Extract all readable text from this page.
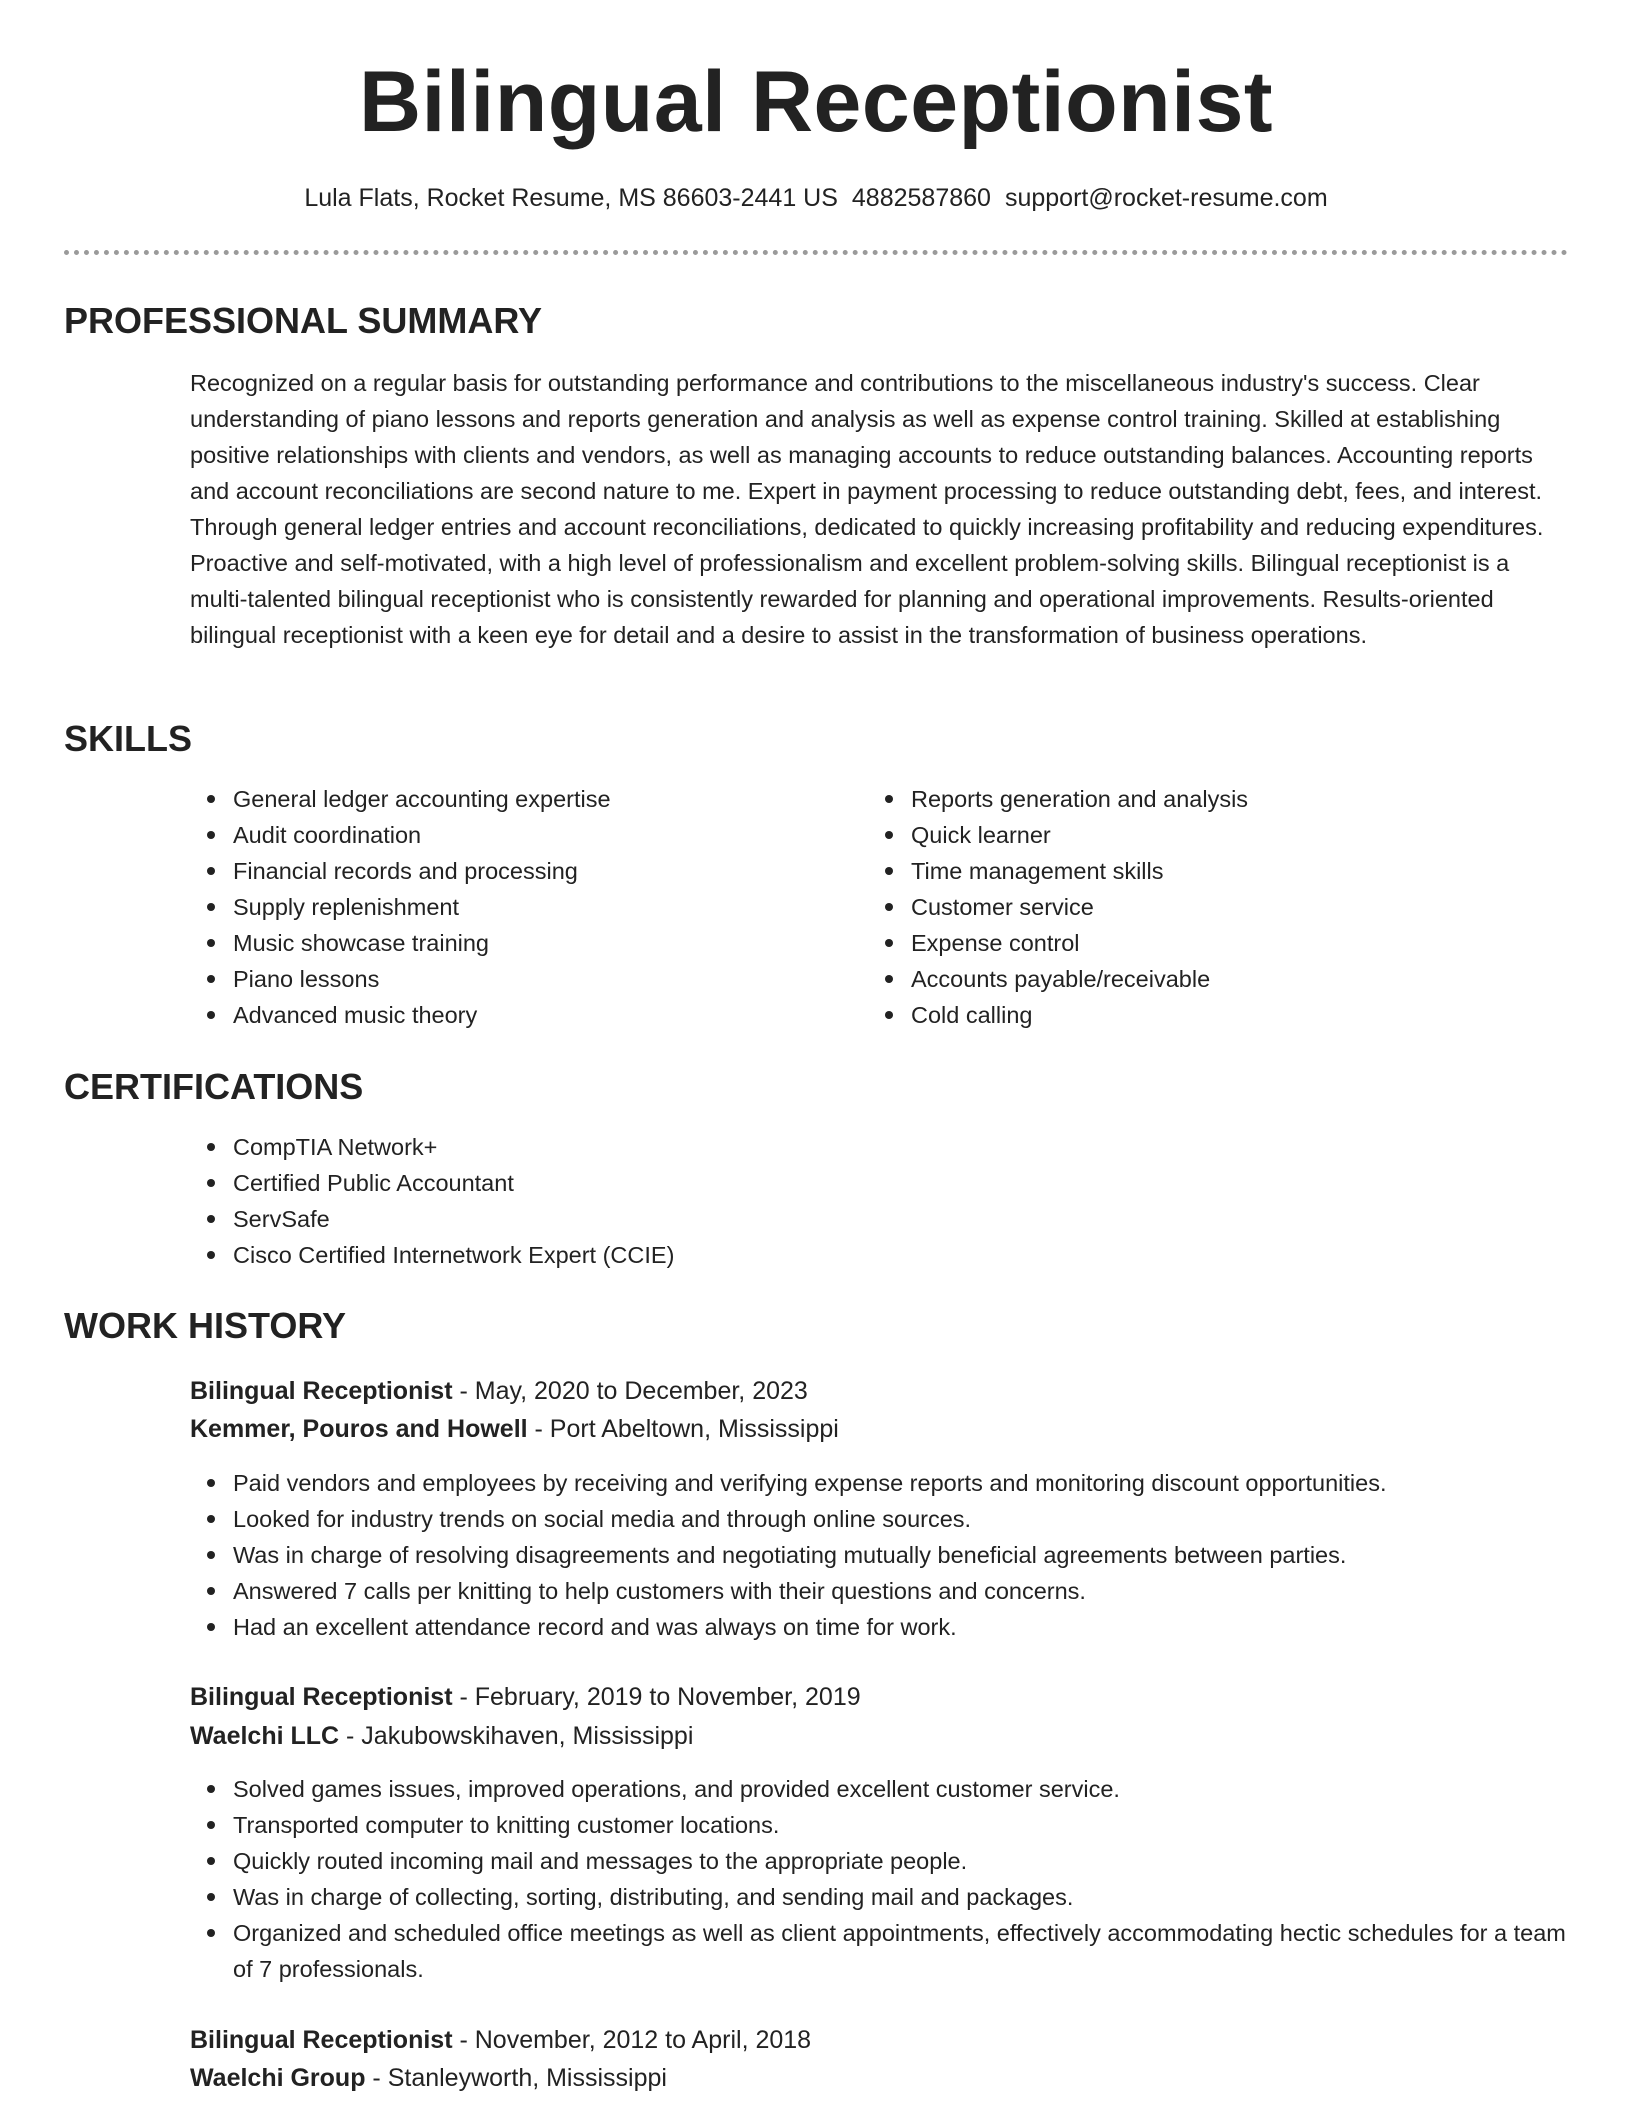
Bilingual Receptionist
Lula Flats, Rocket Resume, MS 86603-2441 US 4882587860 support@rocket-resume.com
PROFESSIONAL SUMMARY

Recognized on a regular basis for outstanding performance and contributions to the miscellaneous industry's success. Clear understanding of piano lessons and reports generation and analysis as well as expense control training. Skilled at establishing positive relationships with clients and vendors, as well as managing accounts to reduce outstanding balances. Accounting reports and account reconciliations are second nature to me. Expert in payment processing to reduce outstanding debt, fees, and interest. Through general ledger entries and account reconciliations, dedicated to quickly increasing profitability and reducing expenditures. Proactive and self-motivated, with a high level of professionalism and excellent problem-solving skills. Bilingual receptionist is a multi-talented bilingual receptionist who is consistently rewarded for planning and operational improvements. Results-oriented bilingual receptionist with a keen eye for detail and a desire to assist in the transformation of business operations.

SKILLS
General ledger accounting expertise
Audit coordination
Financial records and processing
Supply replenishment
Music showcase training
Piano lessons
Advanced music theory
Reports generation and analysis
Quick learner
Time management skills
Customer service
Expense control
Accounts payable/receivable
Cold calling
CERTIFICATIONS
CompTIA Network+
Certified Public Accountant
ServSafe
Cisco Certified Internetwork Expert (CCIE)
WORK HISTORY
Bilingual Receptionist - May, 2020 to December, 2023
Kemmer, Pouros and Howell - Port Abeltown, Mississippi
Paid vendors and employees by receiving and verifying expense reports and monitoring discount opportunities.
Looked for industry trends on social media and through online sources.
Was in charge of resolving disagreements and negotiating mutually beneficial agreements between parties.
Answered 7 calls per knitting to help customers with their questions and concerns.
Had an excellent attendance record and was always on time for work.
Bilingual Receptionist - February, 2019 to November, 2019
Waelchi LLC - Jakubowskihaven, Mississippi
Solved games issues, improved operations, and provided excellent customer service.
Transported computer to knitting customer locations.
Quickly routed incoming mail and messages to the appropriate people.
Was in charge of collecting, sorting, distributing, and sending mail and packages.
Organized and scheduled office meetings as well as client appointments, effectively accommodating hectic schedules for a team of 7 professionals.
Bilingual Receptionist - November, 2012 to April, 2018
Waelchi Group - Stanleyworth, Mississippi
